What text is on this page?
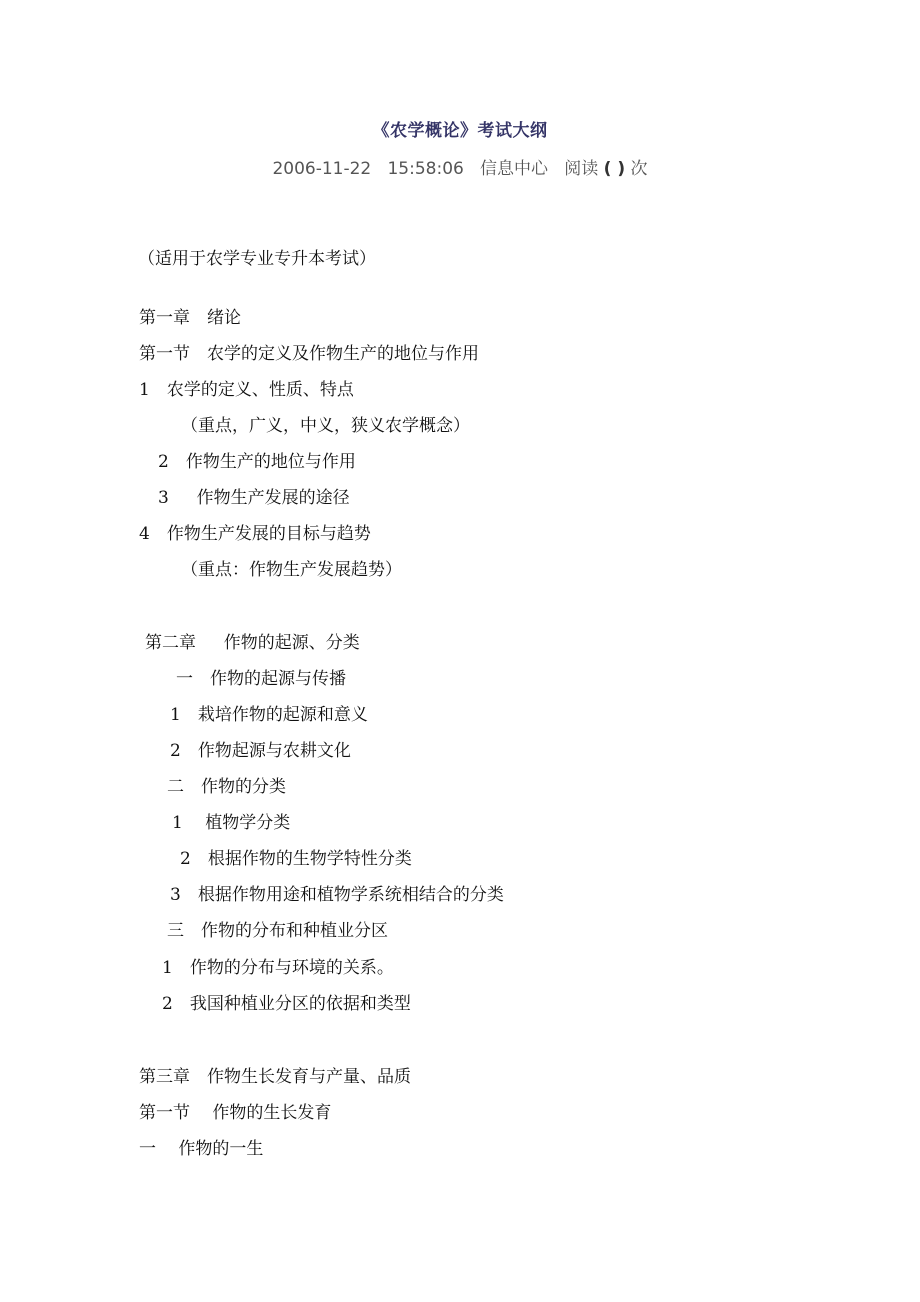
《农学概论》考试大纲
2006-11-22 15:58:06 信息中心 阅读 ( ) 次
（适用于农学专业专升本考试）
第一章　绪论
第一节　农学的定义及作物生产的地位与作用
1　农学的定义、性质、特点
（重点，广义，中义，狭义农学概念）
2　作物生产的地位与作用
3　  作物生产发展的途径
4　作物生产发展的目标与趋势
（重点：作物生产发展趋势）
第二章　  作物的起源、分类
一　作物的起源与传播
1　栽培作物的起源和意义
2　作物起源与农耕文化
二　作物的分类
1　 植物学分类
2　根据作物的生物学特性分类
3　根据作物用途和植物学系统相结合的分类
三　作物的分布和种植业分区
1　作物的分布与环境的关系。
2　我国种植业分区的依据和类型
第三章　作物生长发育与产量、品质
第一节　 作物的生长发育
一　 作物的一生
